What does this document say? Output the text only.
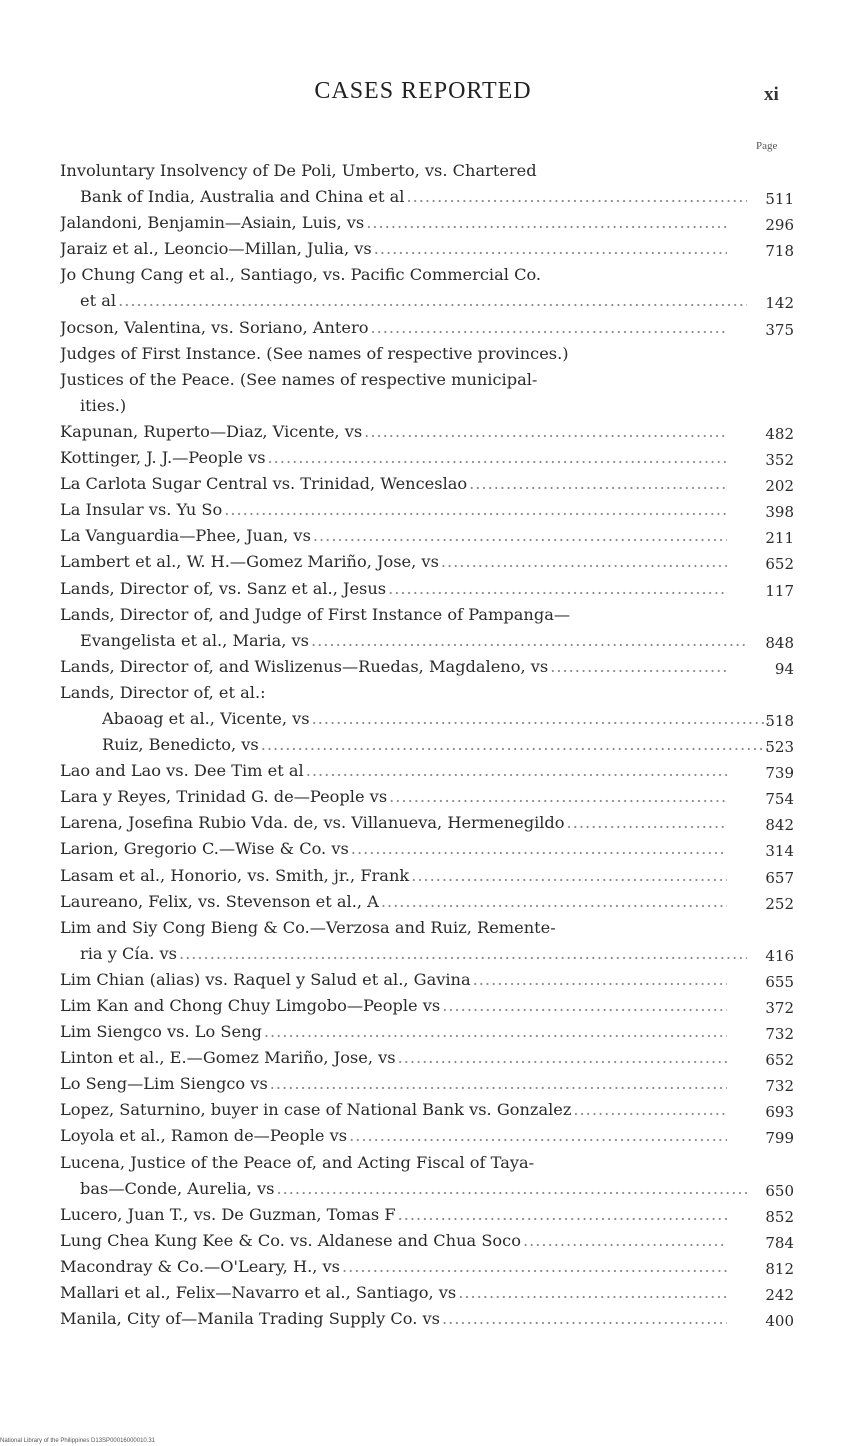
CASES REPORTED	xi
Page
Involuntary Insolvency of De Poli, Umberto, vs. Chartered
Bank of India, Australia and China et al .....	511
Jalandoni, Benjamin—Asiain, Luis, vs .....	296
Jaraiz et al., Leoncio—Millan, Julia, vs .....	718
Jo Chung Cang et al., Santiago, vs. Pacific Commercial Co.
et al .....	142
Jocson, Valentina, vs. Soriano, Antero .....	375
Judges of First Instance. (See names of respective provinces.)
Justices of the Peace. (See names of respective municipal-
ities.)
Kapunan, Ruperto—Diaz, Vicente, vs .....	482
Kottinger, J. J.—People vs .....	352
La Carlota Sugar Central vs. Trinidad, Wenceslao .....	202
La Insular vs. Yu So .....	398
La Vanguardia—Phee, Juan, vs .....	211
Lambert et al., W. H.—Gomez Mariño, Jose, vs .....	652
Lands, Director of, vs. Sanz et al., Jesus .....	117
Lands, Director of, and Judge of First Instance of Pampanga—
Evangelista et al., Maria, vs .....	848
Lands, Director of, and Wislizenus—Ruedas, Magdaleno, vs .....	94
Lands, Director of, et al.:
Abaoag et al., Vicente, vs .....	518
Ruiz, Benedicto, vs .....	523
Lao and Lao vs. Dee Tim et al .....	739
Lara y Reyes, Trinidad G. de—People vs .....	754
Larena, Josefina Rubio Vda. de, vs. Villanueva, Hermenegildo .....	842
Larion, Gregorio C.—Wise & Co. vs .....	314
Lasam et al., Honorio, vs. Smith, jr., Frank .....	657
Laureano, Felix, vs. Stevenson et al., A .....	252
Lim and Siy Cong Bieng & Co.—Verzosa and Ruiz, Remente-
ria y Cía. vs .....	416
Lim Chian (alias) vs. Raquel y Salud et al., Gavina .....	655
Lim Kan and Chong Chuy Limgobo—People vs .....	372
Lim Siengco vs. Lo Seng .....	732
Linton et al., E.—Gomez Mariño, Jose, vs .....	652
Lo Seng—Lim Siengco vs .....	732
Lopez, Saturnino, buyer in case of National Bank vs. Gonzalez .....	693
Loyola et al., Ramon de—People vs .....	799
Lucena, Justice of the Peace of, and Acting Fiscal of Taya-
bas—Conde, Aurelia, vs .....	650
Lucero, Juan T., vs. De Guzman, Tomas F .....	852
Lung Chea Kung Kee & Co. vs. Aldanese and Chua Soco .....	784
Macondray & Co.—O'Leary, H., vs .....	812
Mallari et al., Felix—Navarro et al., Santiago, vs .....	242
Manila, City of—Manila Trading Supply Co. vs .....	400
National Library of the Philippines D13SP00016000010.31
